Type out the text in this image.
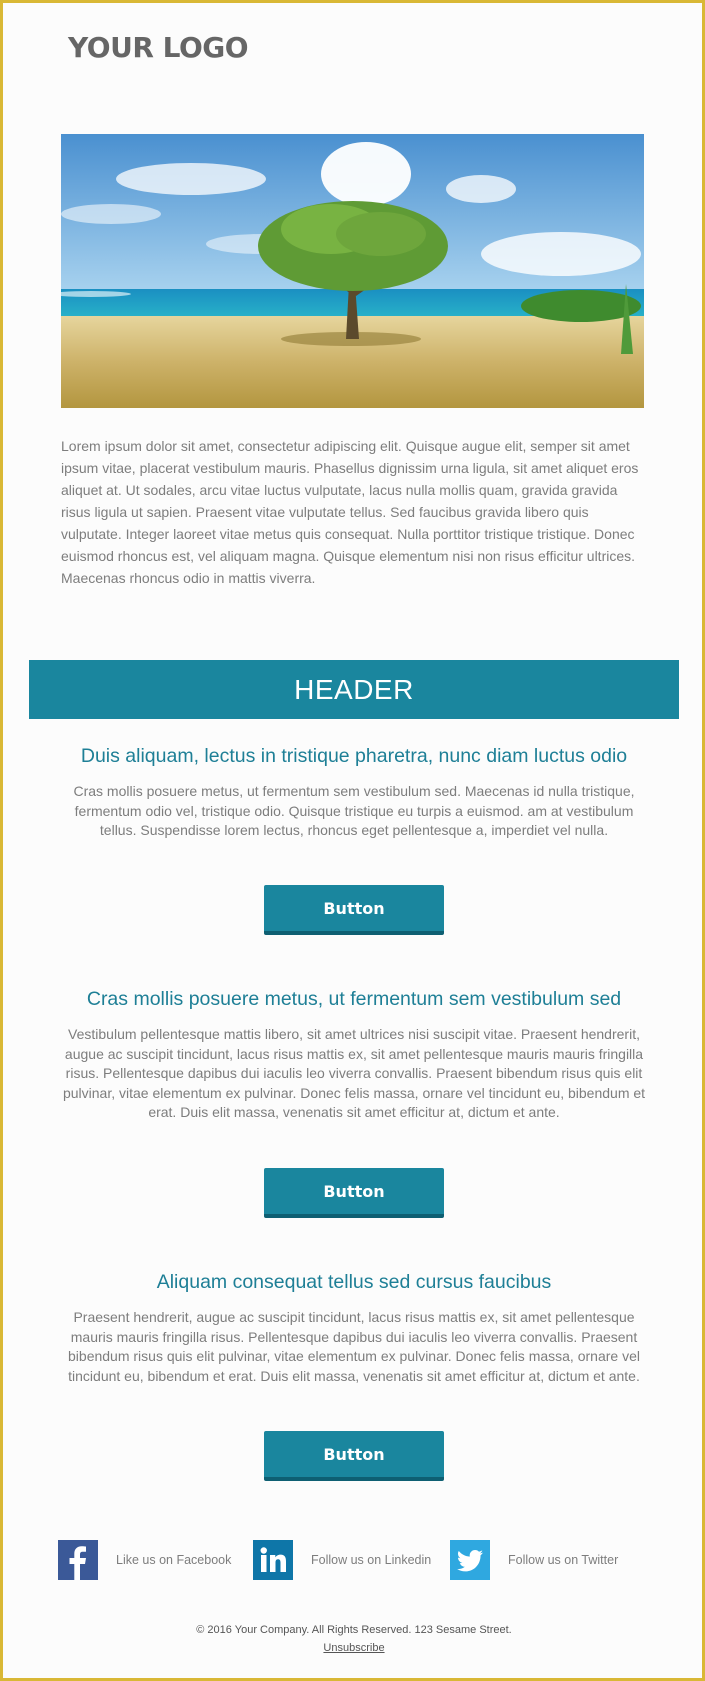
YOUR LOGO

Lorem ipsum dolor sit amet, consectetur adipiscing elit. Quisque augue elit, semper sit amet ipsum vitae, placerat vestibulum mauris. Phasellus dignissim urna ligula, sit amet aliquet eros aliquet at. Ut sodales, arcu vitae luctus vulputate, lacus nulla mollis quam, gravida gravida risus ligula ut sapien. Praesent vitae vulputate tellus. Sed faucibus gravida libero quis vulputate. Integer laoreet vitae metus quis consequat. Nulla porttitor tristique tristique. Donec euismod rhoncus est, vel aliquam magna. Quisque elementum nisi non risus efficitur ultrices. Maecenas rhoncus odio in mattis viverra.

HEADER
Duis aliquam, lectus in tristique pharetra, nunc diam luctus odio

Cras mollis posuere metus, ut fermentum sem vestibulum sed. Maecenas id nulla tristique, fermentum odio vel, tristique odio. Quisque tristique eu turpis a euismod. am at vestibulum tellus. Suspendisse lorem lectus, rhoncus eget pellentesque a, imperdiet vel nulla.

Button
Cras mollis posuere metus, ut fermentum sem vestibulum sed

Vestibulum pellentesque mattis libero, sit amet ultrices nisi suscipit vitae. Praesent hendrerit, augue ac suscipit tincidunt, lacus risus mattis ex, sit amet pellentesque mauris mauris fringilla risus. Pellentesque dapibus dui iaculis leo viverra convallis. Praesent bibendum risus quis elit pulvinar, vitae elementum ex pulvinar. Donec felis massa, ornare vel tincidunt eu, bibendum et erat. Duis elit massa, venenatis sit amet efficitur at, dictum et ante.

Button
Aliquam consequat tellus sed cursus faucibus

Praesent hendrerit, augue ac suscipit tincidunt, lacus risus mattis ex, sit amet pellentesque mauris mauris fringilla risus. Pellentesque dapibus dui iaculis leo viverra convallis. Praesent bibendum risus quis elit pulvinar, vitae elementum ex pulvinar. Donec felis massa, ornare vel tincidunt eu, bibendum et erat. Duis elit massa, venenatis sit amet efficitur at, dictum et ante.

Button
Like us on Facebook	Follow us on Linkedin	Follow us on Twitter
© 2016 Your Company. All Rights Reserved. 123 Sesame Street.
Unsubscribe
